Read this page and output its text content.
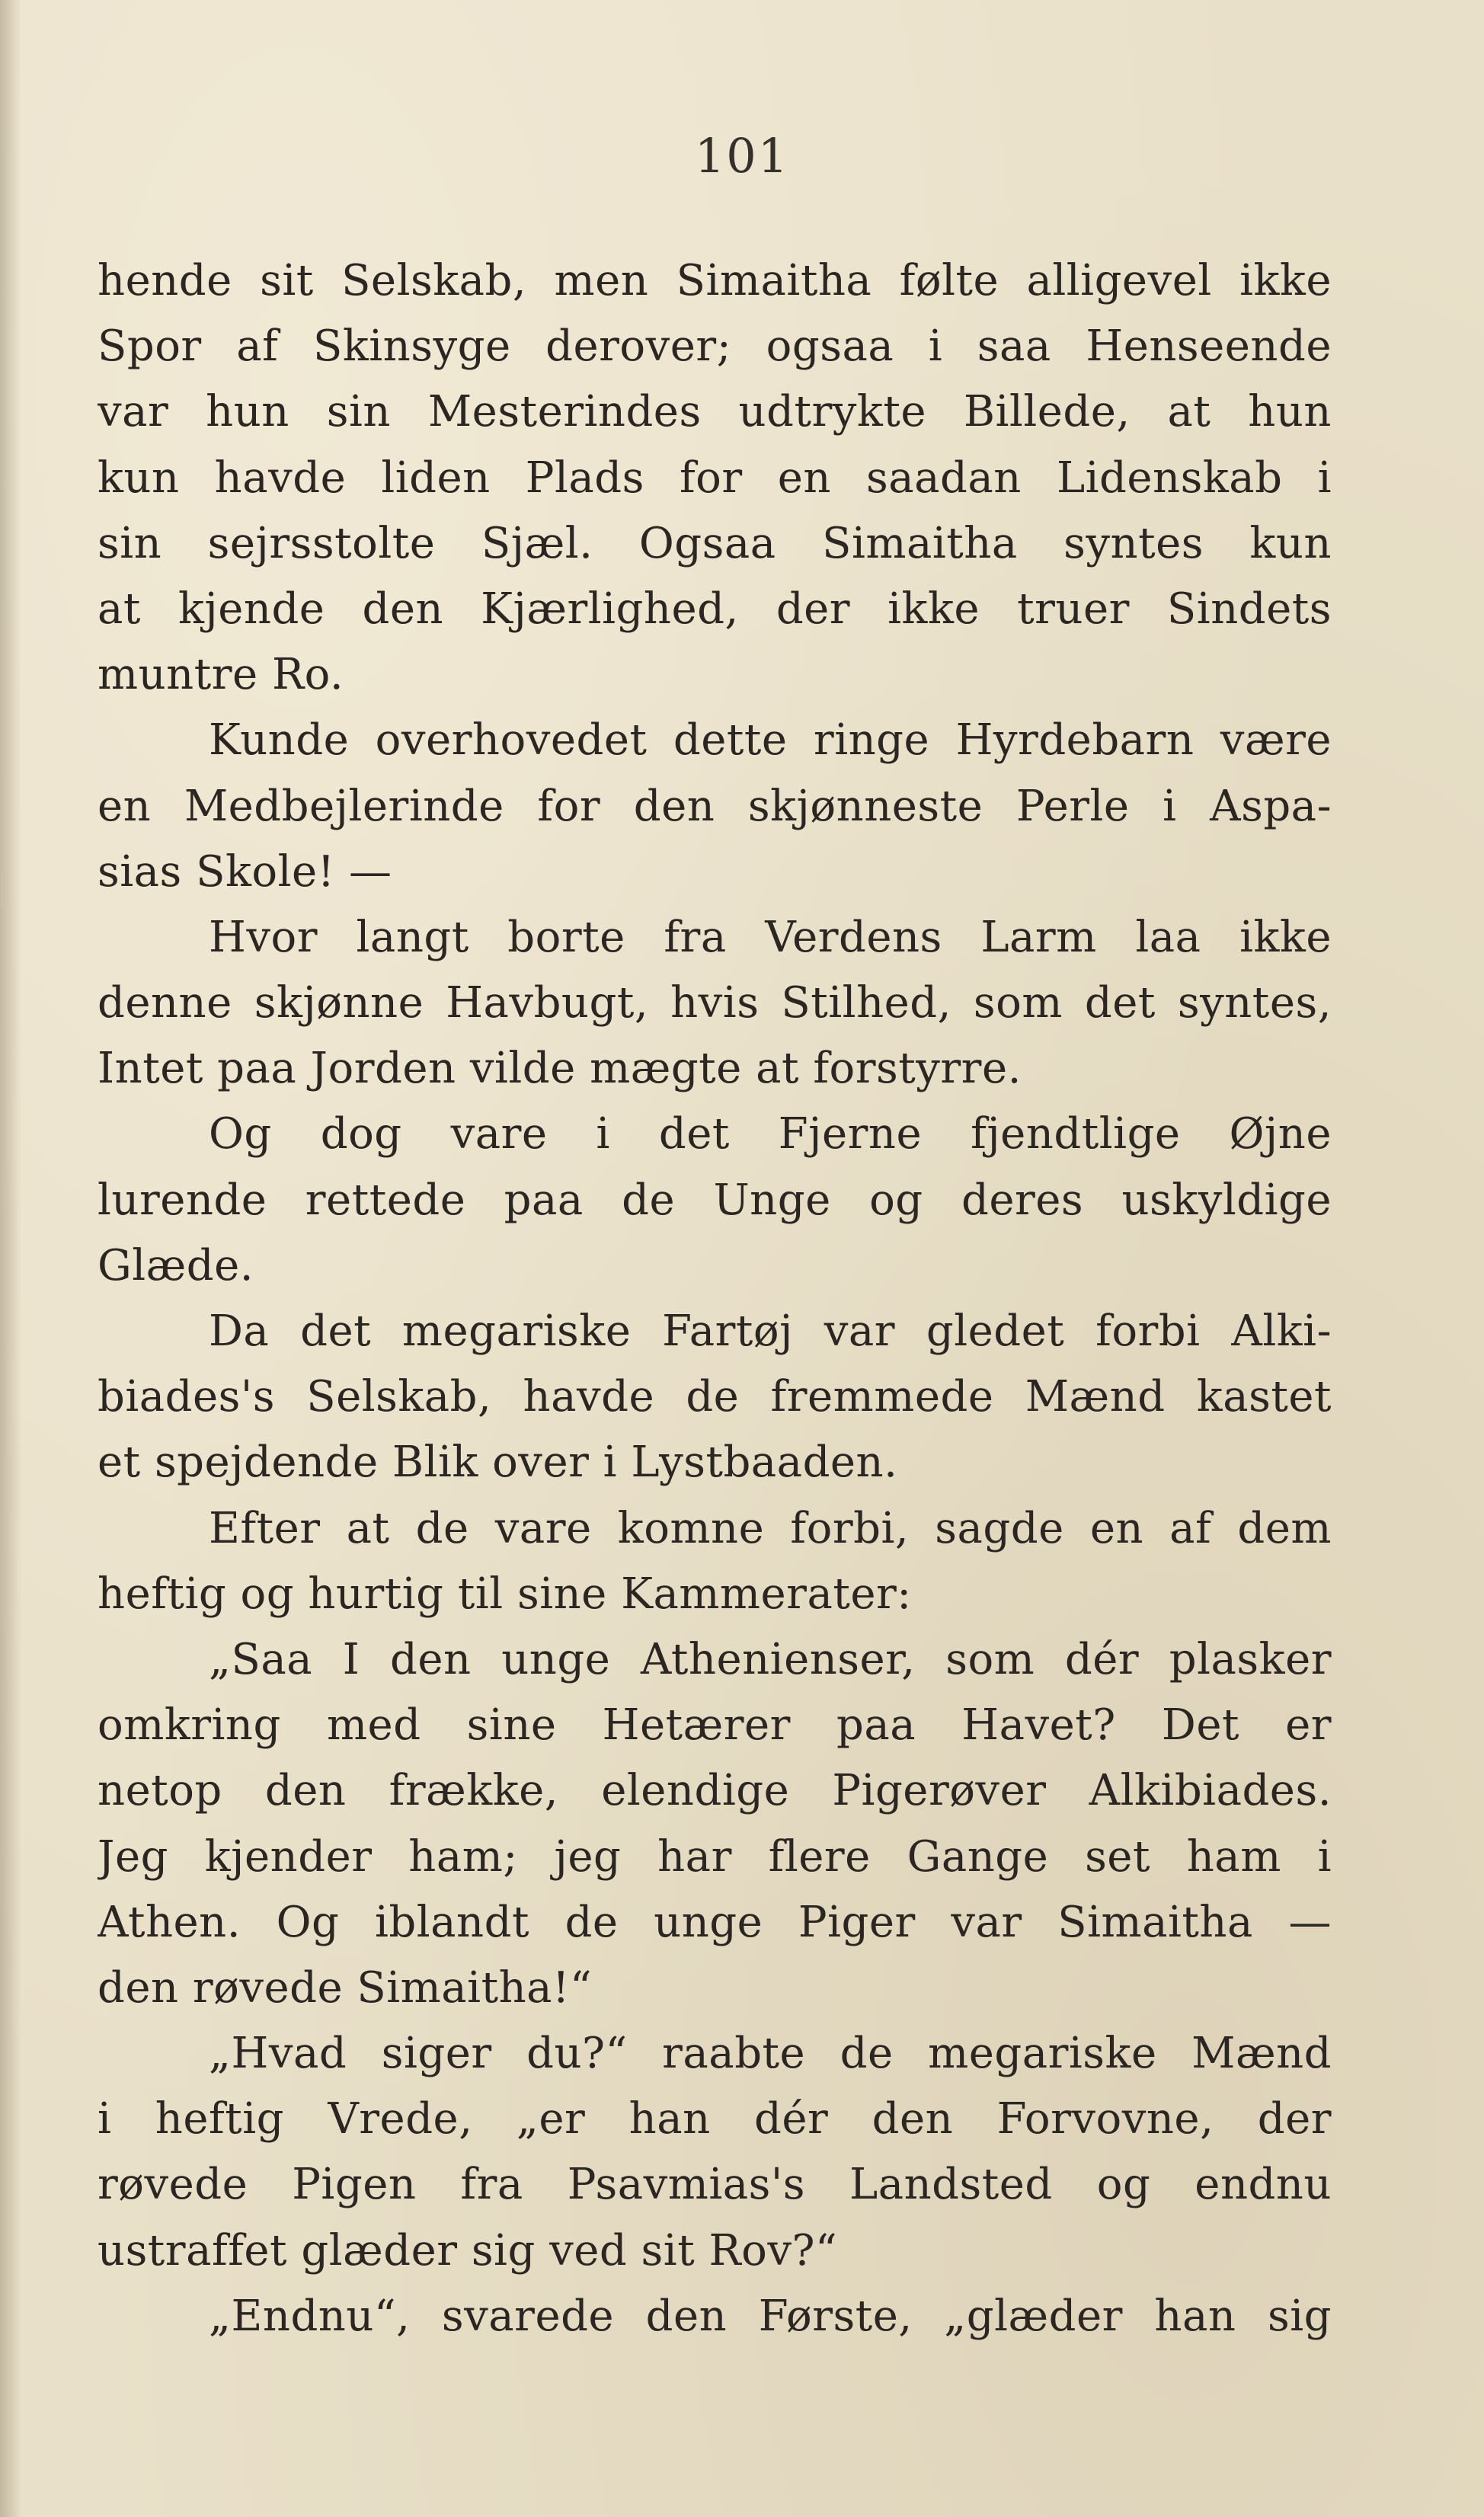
101
hende sit Selskab, men Simaitha følte alligevel ikke
Spor af Skinsyge derover; ogsaa i saa Henseende
var hun sin Mesterindes udtrykte Billede, at hun
kun havde liden Plads for en saadan Lidenskab i
sin sejrsstolte Sjæl. Ogsaa Simaitha syntes kun
at kjende den Kjærlighed, der ikke truer Sindets
muntre Ro.
Kunde overhovedet dette ringe Hyrdebarn være
en Medbejlerinde for den skjønneste Perle i Aspa-
sias Skole! —
Hvor langt borte fra Verdens Larm laa ikke
denne skjønne Havbugt, hvis Stilhed, som det syntes,
Intet paa Jorden vilde mægte at forstyrre.
Og dog vare i det Fjerne fjendtlige Øjne
lurende rettede paa de Unge og deres uskyldige
Glæde.
Da det megariske Fartøj var gledet forbi Alki-
biades's Selskab, havde de fremmede Mænd kastet
et spejdende Blik over i Lystbaaden.
Efter at de vare komne forbi, sagde en af dem
heftig og hurtig til sine Kammerater:
„Saa I den unge Athenienser, som dér plasker
omkring med sine Hetærer paa Havet? Det er
netop den frække, elendige Pigerøver Alkibiades.
Jeg kjender ham; jeg har flere Gange set ham i
Athen. Og iblandt de unge Piger var Simaitha —
den røvede Simaitha!“
„Hvad siger du?“ raabte de megariske Mænd
i heftig Vrede, „er han dér den Forvovne, der
røvede Pigen fra Psavmias's Landsted og endnu
ustraffet glæder sig ved sit Rov?“
„Endnu“, svarede den Første, „glæder han sig
